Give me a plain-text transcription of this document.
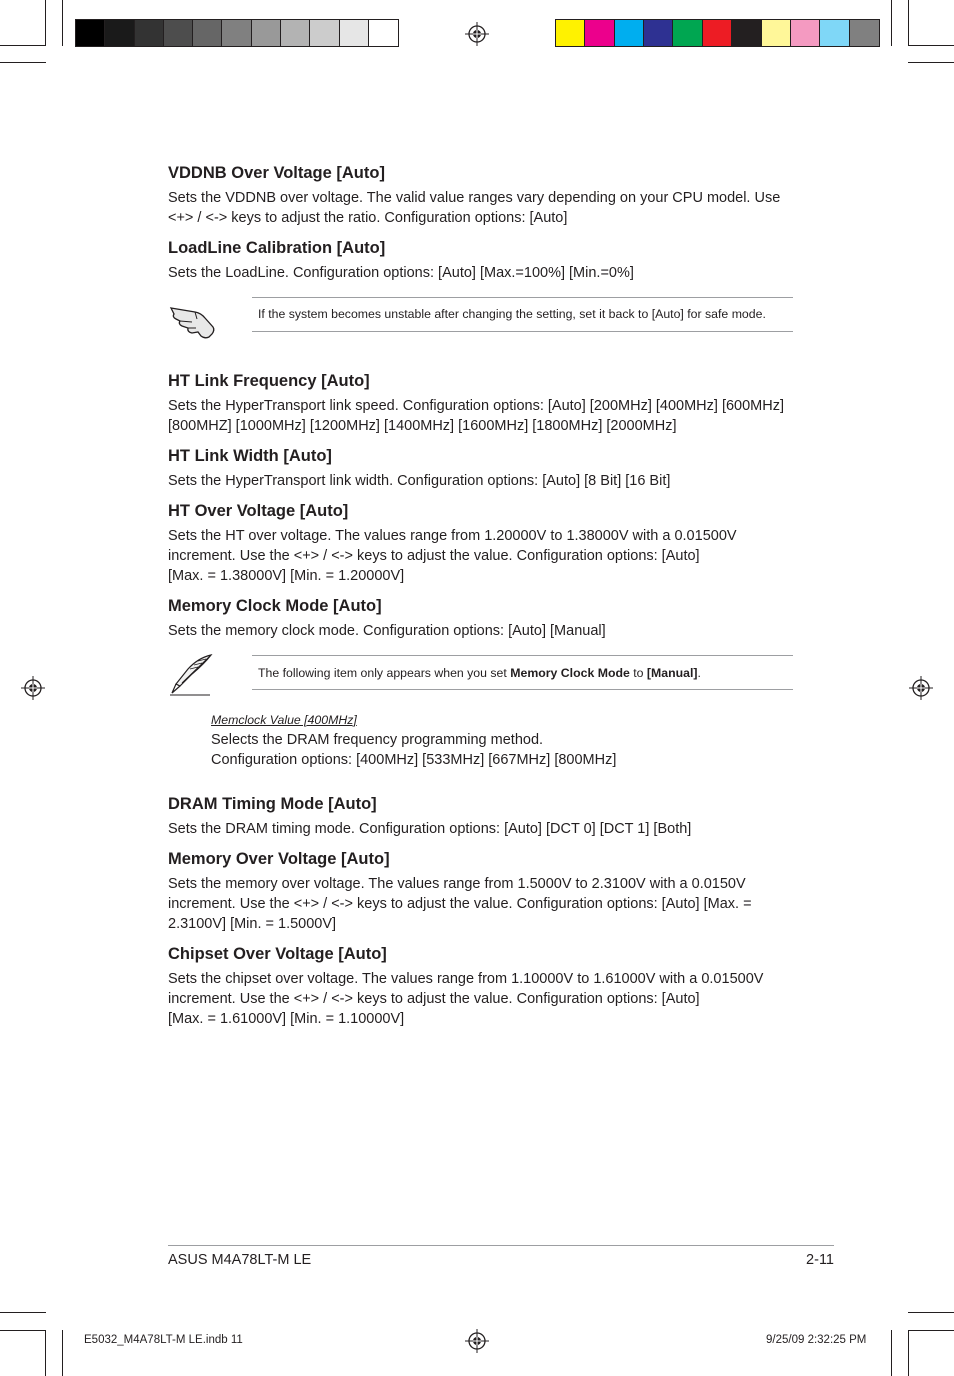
VDDNB Over Voltage [Auto]

Sets the VDDNB over voltage. The valid value ranges vary depending on your CPU model. Use <+> / <-> keys to adjust the ratio. Configuration options: [Auto]

LoadLine Calibration [Auto]

Sets the LoadLine. Configuration options: [Auto] [Max.=100%] [Min.=0%]

If the system becomes unstable after changing the setting, set it back to [Auto] for safe mode.

HT Link Frequency [Auto]

Sets the HyperTransport link speed. Configuration options: [Auto] [200MHz] [400MHz] [600MHz] [800MHZ] [1000MHz] [1200MHz] [1400MHz] [1600MHz] [1800MHz] [2000MHz]

HT Link Width [Auto]

Sets the HyperTransport link width. Configuration options: [Auto] [8 Bit] [16 Bit]

HT Over Voltage [Auto]

Sets the HT over voltage. The values range from 1.20000V to 1.38000V with a 0.01500V increment. Use the <+> / <-> keys to adjust the value. Configuration options: [Auto]

[Max. = 1.38000V] [Min. = 1.20000V]

Memory Clock Mode [Auto]

Sets the memory clock mode. Configuration options: [Auto] [Manual]

The following item only appears when you set Memory Clock Mode to [Manual].
Memclock Value [400MHz]

Selects the DRAM frequency programming method.

Configuration options: [400MHz] [533MHz] [667MHz] [800MHz]

DRAM Timing Mode [Auto]

Sets the DRAM timing mode. Configuration options: [Auto] [DCT 0] [DCT 1] [Both]

Memory Over Voltage [Auto]

Sets the memory over voltage. The values range from 1.5000V to 2.3100V with a 0.0150V increment. Use the <+> / <-> keys to adjust the value. Configuration options: [Auto] [Max. = 2.3100V] [Min. = 1.5000V]

Chipset Over Voltage [Auto]

Sets the chipset over voltage. The values range from 1.10000V to 1.61000V with a 0.01500V increment. Use the <+> / <-> keys to adjust the value. Configuration options: [Auto]

[Max. = 1.61000V] [Min. = 1.10000V]

ASUS M4A78LT-M LE	2-11
E5032_M4A78LT-M LE.indb 11	9/25/09 2:32:25 PM
